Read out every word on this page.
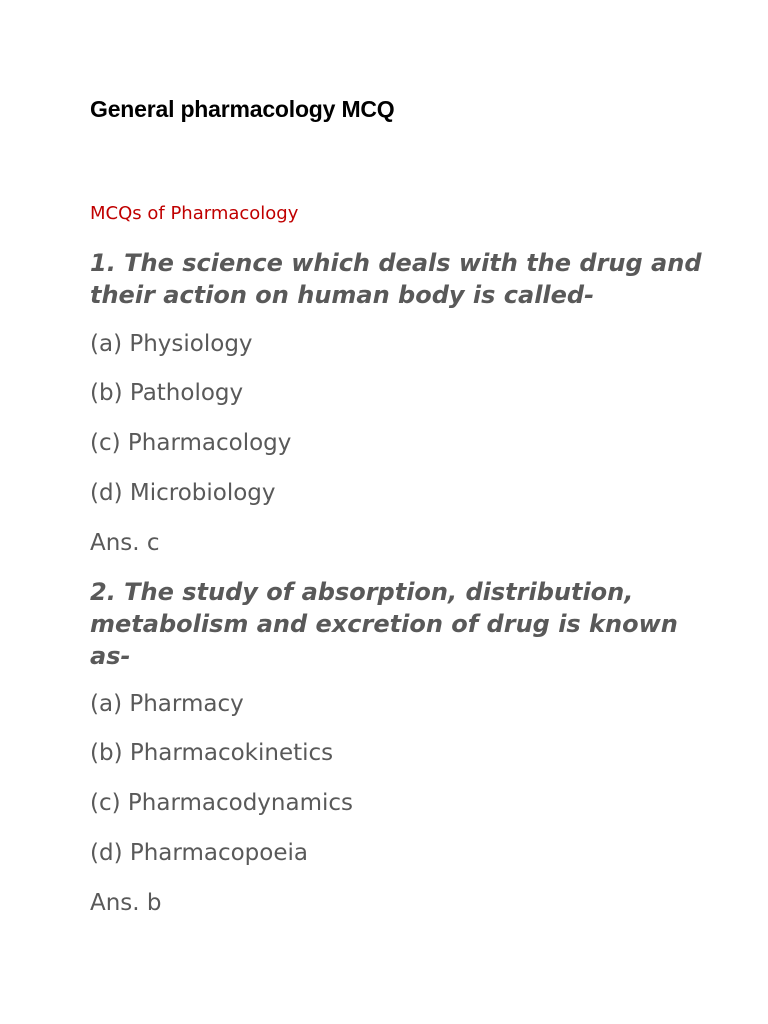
General pharmacology MCQ

MCQs of Pharmacology

1. The science which deals with the drug and their action on human body is called-

(a) Physiology

(b) Pathology

(c) Pharmacology

(d) Microbiology

Ans. c

2. The study of absorption, distribution, metabolism and excretion of drug is known as-

(a) Pharmacy

(b) Pharmacokinetics

(c) Pharmacodynamics

(d) Pharmacopoeia

Ans. b
